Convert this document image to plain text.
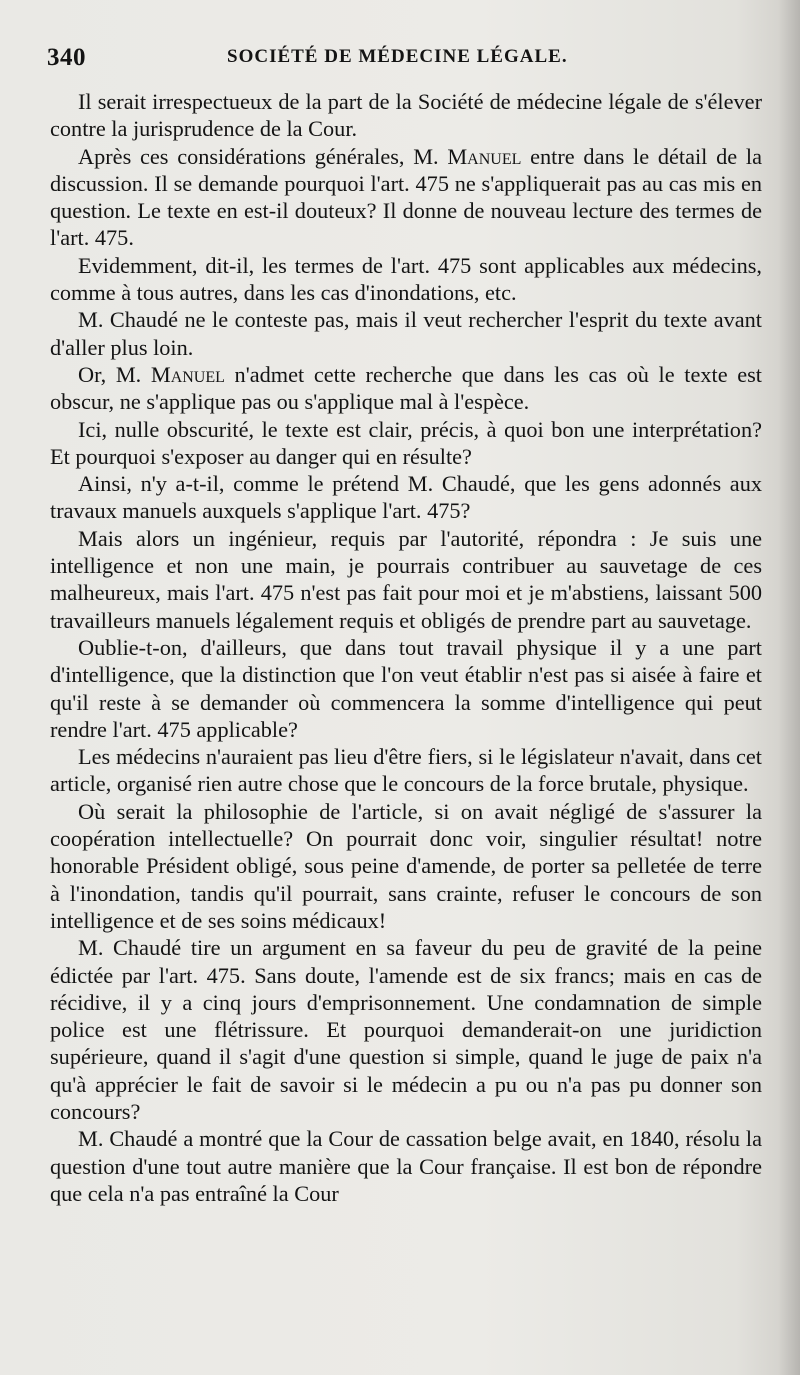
340	SOCIÉTÉ DE MÉDECINE LÉGALE.

Il serait irrespectueux de la part de la Société de médecine légale de s'élever contre la jurisprudence de la Cour.

Après ces considérations générales, M. Manuel entre dans le détail de la discussion. Il se demande pourquoi l'art. 475 ne s'appliquerait pas au cas mis en question. Le texte en est-il douteux? Il donne de nouveau lecture des termes de l'art. 475.

Evidemment, dit-il, les termes de l'art. 475 sont applicables aux médecins, comme à tous autres, dans les cas d'inondations, etc.

M. Chaudé ne le conteste pas, mais il veut rechercher l'esprit du texte avant d'aller plus loin.

Or, M. Manuel n'admet cette recherche que dans les cas où le texte est obscur, ne s'applique pas ou s'applique mal à l'espèce.

Ici, nulle obscurité, le texte est clair, précis, à quoi bon une interprétation? Et pourquoi s'exposer au danger qui en résulte?

Ainsi, n'y a-t-il, comme le prétend M. Chaudé, que les gens adonnés aux travaux manuels auxquels s'applique l'art. 475?

Mais alors un ingénieur, requis par l'autorité, répondra : Je suis une intelligence et non une main, je pourrais contribuer au sauvetage de ces malheureux, mais l'art. 475 n'est pas fait pour moi et je m'abstiens, laissant 500 travailleurs manuels légalement requis et obligés de prendre part au sauvetage.

Oublie-t-on, d'ailleurs, que dans tout travail physique il y a une part d'intelligence, que la distinction que l'on veut établir n'est pas si aisée à faire et qu'il reste à se demander où commencera la somme d'intelligence qui peut rendre l'art. 475 applicable?

Les médecins n'auraient pas lieu d'être fiers, si le législateur n'avait, dans cet article, organisé rien autre chose que le concours de la force brutale, physique.

Où serait la philosophie de l'article, si on avait négligé de s'assurer la coopération intellectuelle? On pourrait donc voir, singulier résultat! notre honorable Président obligé, sous peine d'amende, de porter sa pelletée de terre à l'inondation, tandis qu'il pourrait, sans crainte, refuser le concours de son intelligence et de ses soins médicaux!

M. Chaudé tire un argument en sa faveur du peu de gravité de la peine édictée par l'art. 475. Sans doute, l'amende est de six francs; mais en cas de récidive, il y a cinq jours d'emprisonnement. Une condamnation de simple police est une flétrissure. Et pourquoi demanderait-on une juridiction supérieure, quand il s'agit d'une question si simple, quand le juge de paix n'a qu'à apprécier le fait de savoir si le médecin a pu ou n'a pas pu donner son concours?

M. Chaudé a montré que la Cour de cassation belge avait, en 1840, résolu la question d'une tout autre manière que la Cour française. Il est bon de répondre que cela n'a pas entraîné la Cour
